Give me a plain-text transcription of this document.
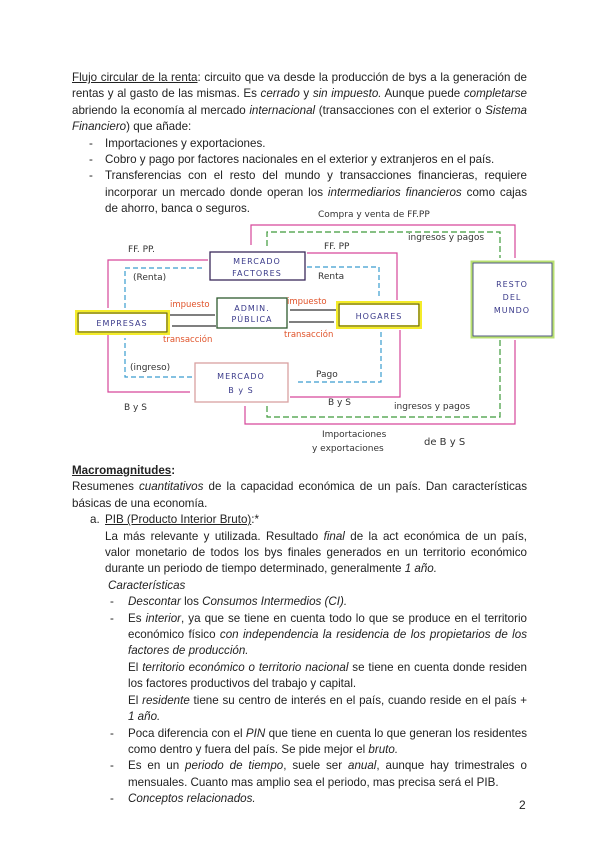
Flujo circular de la renta: circuito que va desde la producción de bys a la generación de rentas y al gasto de las mismas. Es cerrado y sin impuesto. Aunque puede completarse abriendo la economía al mercado internacional (transacciones con el exterior o Sistema Financiero) que añade:
- Importaciones y exportaciones.
- Cobro y pago por factores nacionales en el exterior y extranjeros en el país.
- Transferencias con el resto del mundo y transacciones financieras, requiere incorporar un mercado donde operan los intermediarios financieros como cajas de ahorro, banca o seguros.
MERCADO
FACTORES
EMPRESAS
ADMIN.
PÚBLICA	HOGARES
MERCADO
B y S
RESTO
DEL
MUNDO
Compra y venta de FF.PP
ingresos y pagos
FF. PP.	FF. PP
(Renta)	Renta
impuesto
transacción
impuesto
transacción
(ingreso)
Pago
B y S	B y S	ingresos y pagos
Importaciones
y exportaciones
de B y S
Macromagnitudes:
Resumenes cuantitativos de la capacidad económica de un país. Dan características básicas de una economía.
a. PIB (Producto Interior Bruto):*
La más relevante y utilizada. Resultado final de la act económica de un país, valor monetario de todos los bys finales generados en un territorio económico durante un periodo de tiempo determinado, generalmente 1 año.
Características
- Descontar los Consumos Intermedios (CI).
- Es interior, ya que se tiene en cuenta todo lo que se produce en el territorio económico físico con independencia la residencia de los propietarios de los factores de producción.
El territorio económico o territorio nacional se tiene en cuenta donde residen los factores productivos del trabajo y capital.
El residente tiene su centro de interés en el país, cuando reside en el país + 1 año.
- Poca diferencia con el PIN que tiene en cuenta lo que generan los residentes como dentro y fuera del país. Se pide mejor el bruto.
- Es en un periodo de tiempo, suele ser anual, aunque hay trimestrales o mensuales. Cuanto mas amplio sea el periodo, mas precisa será el PIB.
- Conceptos relacionados.	2
